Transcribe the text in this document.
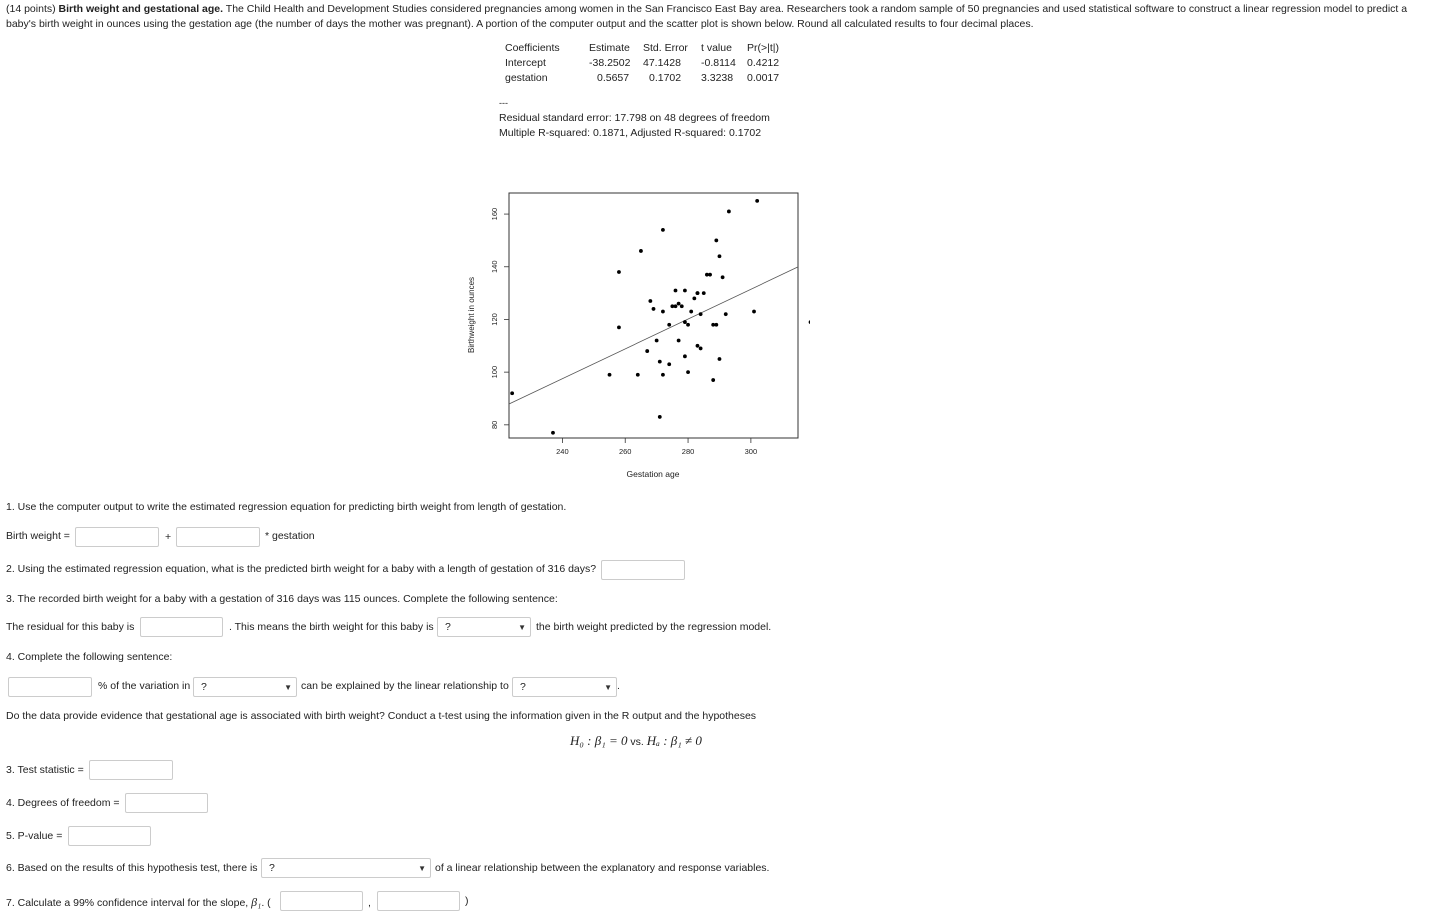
(14 points) Birth weight and gestational age. The Child Health and Development Studies considered pregnancies among women in the San Francisco East Bay area. Researchers took a random sample of 50 pregnancies and used statistical software to construct a linear regression model to predict a baby's birth weight in ounces using the gestation age (the number of days the mother was pregnant). A portion of the computer output and the scatter plot is shown below. Round all calculated results to four decimal places.
Coefficients	Estimate	Std. Error	t value	Pr(>|t|)
Intercept	-38.2502	47.1428	-0.8114	0.4212
gestation	0.5657	0.1702	3.3238	0.0017
---
Residual standard error: 17.798 on 48 degrees of freedom
Multiple R-squared: 0.1871, Adjusted R-squared: 0.1702
240	260	280	300
80
100
120
140
160
Gestation age
Birthweight in ounces
1. Use the computer output to write the estimated regression equation for predicting birth weight from length of gestation.
Birth weight =	+	* gestation
2. Using the estimated regression equation, what is the predicted birth weight for a baby with a length of gestation of 316 days?
3. The recorded birth weight for a baby with a gestation of 316 days was 115 ounces. Complete the following sentence:
The residual for this baby is	. This means the birth weight for this baby is	?	▼ the birth weight predicted by the regression model.
4. Complete the following sentence:
% of the variation in	?	▼ can be explained by the linear relationship to	?	▼ .
Do the data provide evidence that gestational age is associated with birth weight? Conduct a t-test using the information given in the R output and the hypotheses
H₀ : β₁ = 0 vs. Hₐ : β₁ ≠ 0
3. Test statistic =
4. Degrees of freedom =
5. P-value =
6. Based on the results of this hypothesis test, there is	?	▼ of a linear relationship between the explanatory and response variables.
7. Calculate a 99% confidence interval for the slope, β₁. (	,	)
